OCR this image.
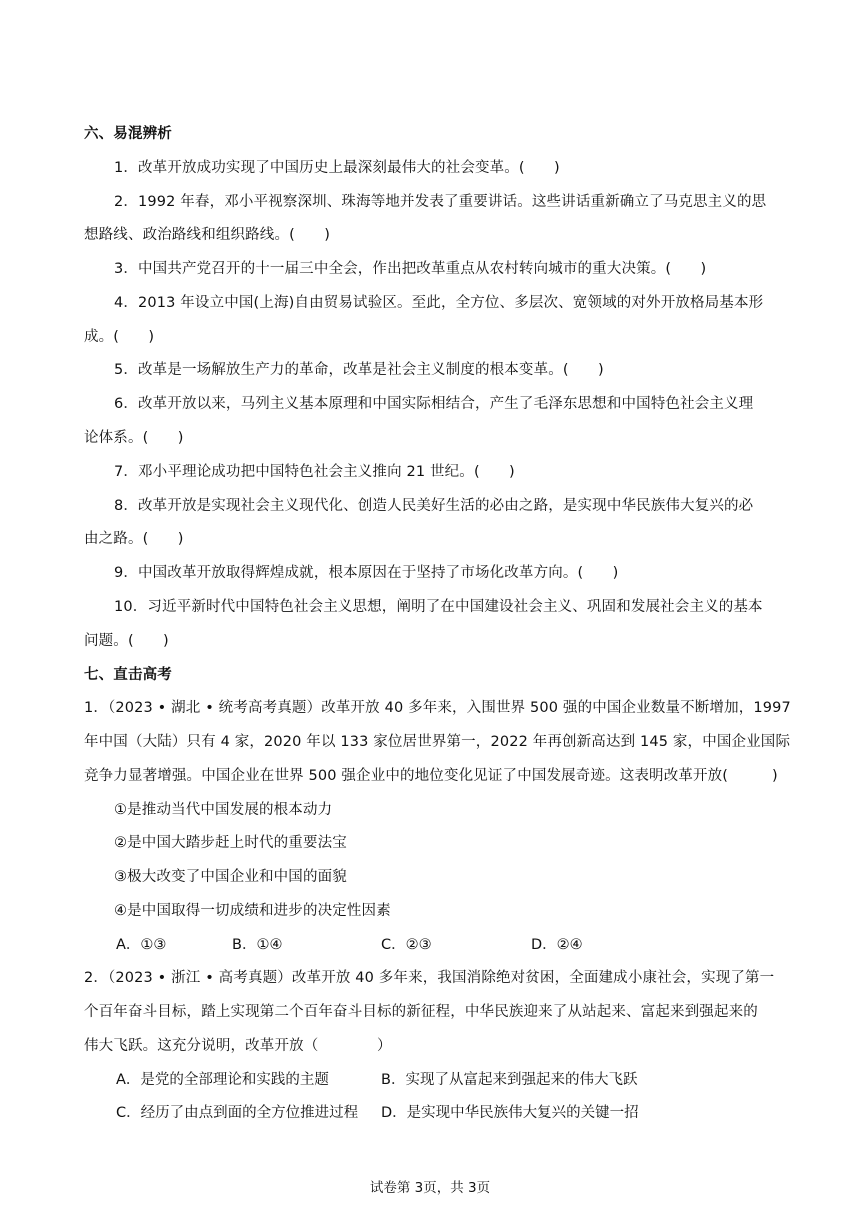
六、易混辨析
1．改革开放成功实现了中国历史上最深刻最伟大的社会变革。(　　)
2．1992 年春，邓小平视察深圳、珠海等地并发表了重要讲话。这些讲话重新确立了马克思主义的思
想路线、政治路线和组织路线。(　　)
3．中国共产党召开的十一届三中全会，作出把改革重点从农村转向城市的重大决策。(　　)
4．2013 年设立中国(上海)自由贸易试验区。至此，全方位、多层次、宽领域的对外开放格局基本形
成。(　　)
5．改革是一场解放生产力的革命，改革是社会主义制度的根本变革。(　　)
6．改革开放以来，马列主义基本原理和中国实际相结合，产生了毛泽东思想和中国特色社会主义理
论体系。(　　)
7．邓小平理论成功把中国特色社会主义推向 21 世纪。(　　)
8．改革开放是实现社会主义现代化、创造人民美好生活的必由之路，是实现中华民族伟大复兴的必
由之路。(　　)
9．中国改革开放取得辉煌成就，根本原因在于坚持了市场化改革方向。(　　)
10．习近平新时代中国特色社会主义思想，阐明了在中国建设社会主义、巩固和发展社会主义的基本
问题。(　　)
七、直击高考
1．（2023 • 湖北 • 统考高考真题）改革开放 40 多年来，入围世界 500 强的中国企业数量不断增加，1997
年中国（大陆）只有 4 家，2020 年以 133 家位居世界第一，2022 年再创新高达到 145 家，中国企业国际
竞争力显著增强。中国企业在世界 500 强企业中的地位变化见证了中国发展奇迹。这表明改革开放(　　　)
①是推动当代中国发展的根本动力
②是中国大踏步赶上时代的重要法宝
③极大改变了中国企业和中国的面貌
④是中国取得一切成绩和进步的决定性因素
A．①③	B．①④	C．②③	D．②④
2．（2023 • 浙江 • 高考真题）改革开放 40 多年来，我国消除绝对贫困，全面建成小康社会，实现了第一
个百年奋斗目标，踏上实现第二个百年奋斗目标的新征程，中华民族迎来了从站起来、富起来到强起来的
伟大飞跃。这充分说明，改革开放（　　　　）
A．是党的全部理论和实践的主题	B．实现了从富起来到强起来的伟大飞跃
C．经历了由点到面的全方位推进过程 D．是实现中华民族伟大复兴的关键一招
试卷第 3页，共 3页
